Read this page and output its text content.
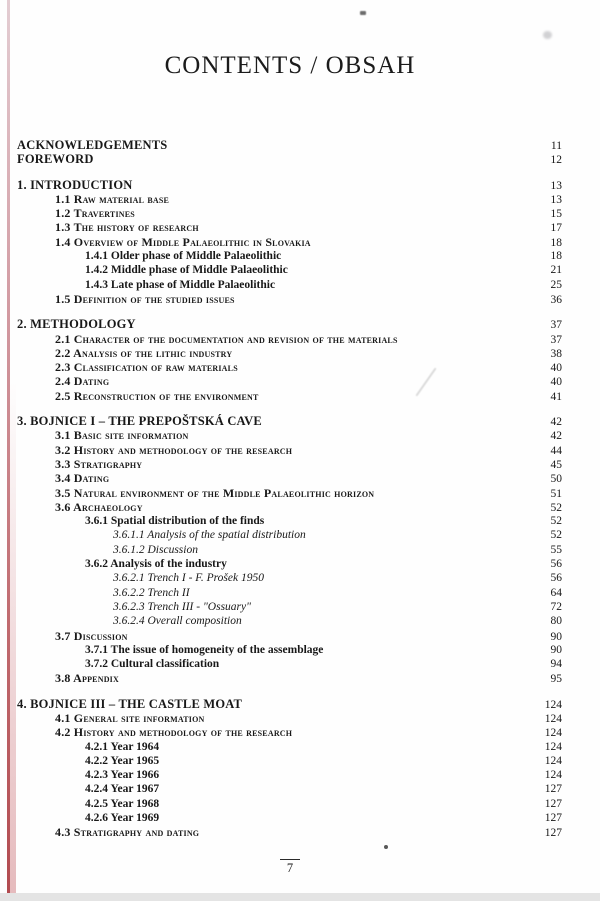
CONTENTS / OBSAH
ACKNOWLEDGEMENTS	11
FOREWORD	12
1. INTRODUCTION	13
1.1 Raw material base	13
1.2 Travertines	15
1.3 The history of research	17
1.4 Overview of Middle Palaeolithic in Slovakia	18
1.4.1 Older phase of Middle Palaeolithic	18
1.4.2 Middle phase of Middle Palaeolithic	21
1.4.3 Late phase of Middle Palaeolithic	25
1.5 Definition of the studied issues	36
2. METHODOLOGY	37
2.1 Character of the documentation and revision of the materials	37
2.2 Analysis of the lithic industry	38
2.3 Classification of raw materials	40
2.4 Dating	40
2.5 Reconstruction of the environment	41
3. BOJNICE I – THE PREPOŠTSKÁ CAVE	42
3.1 Basic site information	42
3.2 History and methodology of the research	44
3.3 Stratigraphy	45
3.4 Dating	50
3.5 Natural environment of the Middle Palaeolithic horizon	51
3.6 Archaeology	52
3.6.1 Spatial distribution of the finds	52
3.6.1.1 Analysis of the spatial distribution	52
3.6.1.2 Discussion	55
3.6.2 Analysis of the industry	56
3.6.2.1 Trench I - F. Prošek 1950	56
3.6.2.2 Trench II	64
3.6.2.3 Trench III - "Ossuary"	72
3.6.2.4 Overall composition	80
3.7 Discussion	90
3.7.1 The issue of homogeneity of the assemblage	90
3.7.2 Cultural classification	94
3.8 Appendix	95
4. BOJNICE III – THE CASTLE MOAT	124
4.1 General site information	124
4.2 History and methodology of the research	124
4.2.1 Year 1964	124
4.2.2 Year 1965	124
4.2.3 Year 1966	124
4.2.4 Year 1967	127
4.2.5 Year 1968	127
4.2.6 Year 1969	127
4.3 Stratigraphy and dating	127
7
